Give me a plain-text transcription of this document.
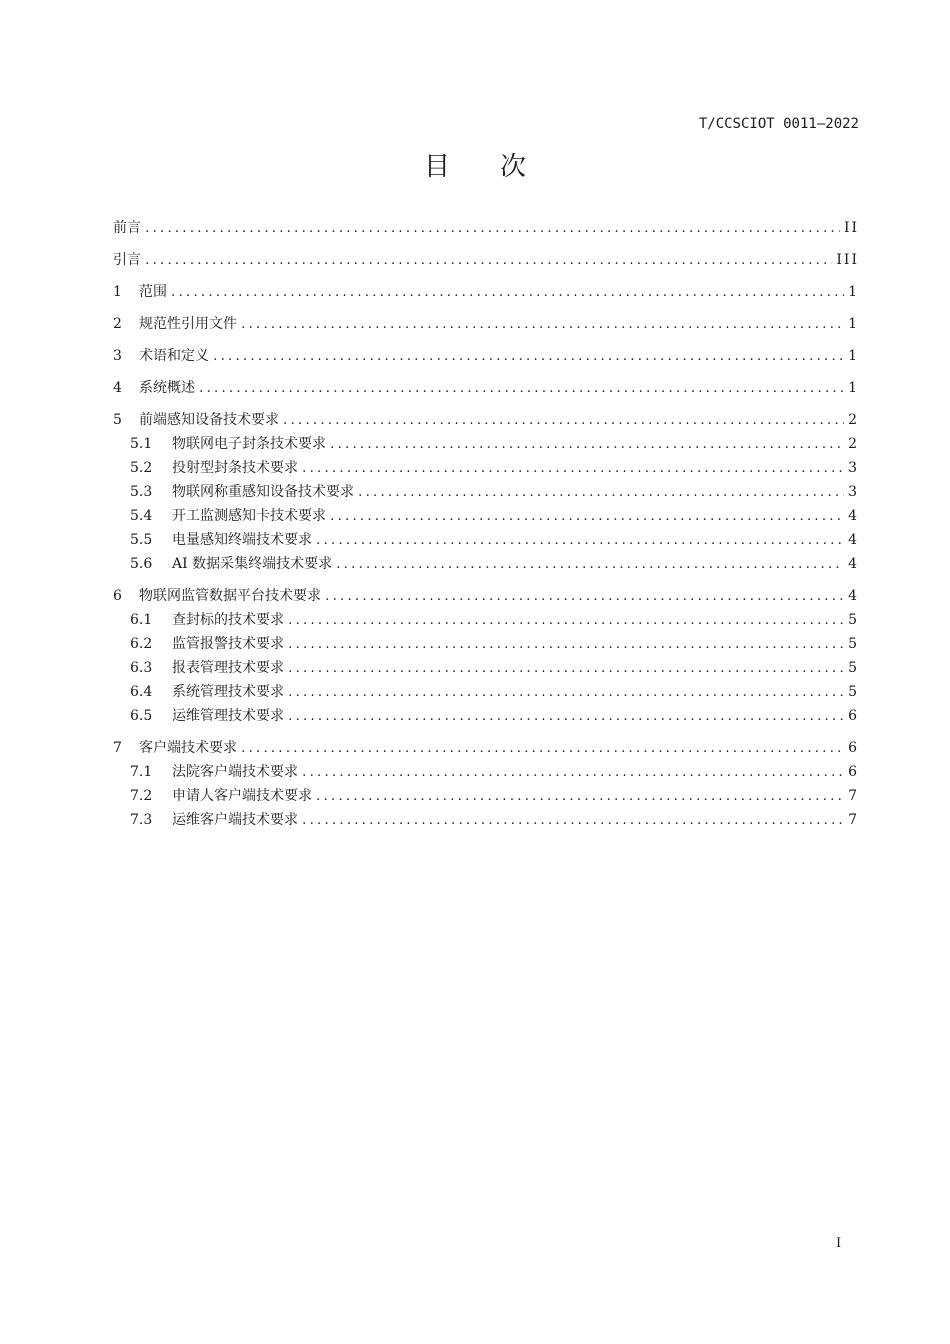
T/CCSCIOT 0011—2022
目次
前言 .....	II
引言 .....	III
1	范围 .....	1
2	规范性引用文件 .....	1
3	术语和定义 .....	1
4	系统概述 .....	1
5	前端感知设备技术要求 .....	2
5.1	物联网电子封条技术要求 .....	2
5.2	投射型封条技术要求 .....	3
5.3	物联网称重感知设备技术要求 .....	3
5.4	开工监测感知卡技术要求 .....	4
5.5	电量感知终端技术要求 .....	4
5.6	AI 数据采集终端技术要求 .....	4
6	物联网监管数据平台技术要求 .....	4
6.1	查封标的技术要求 .....	5
6.2	监管报警技术要求 .....	5
6.3	报表管理技术要求 .....	5
6.4	系统管理技术要求 .....	5
6.5	运维管理技术要求 .....	6
7	客户端技术要求 .....	6
7.1	法院客户端技术要求 .....	6
7.2	申请人客户端技术要求 .....	7
7.3	运维客户端技术要求 .....	7
I
